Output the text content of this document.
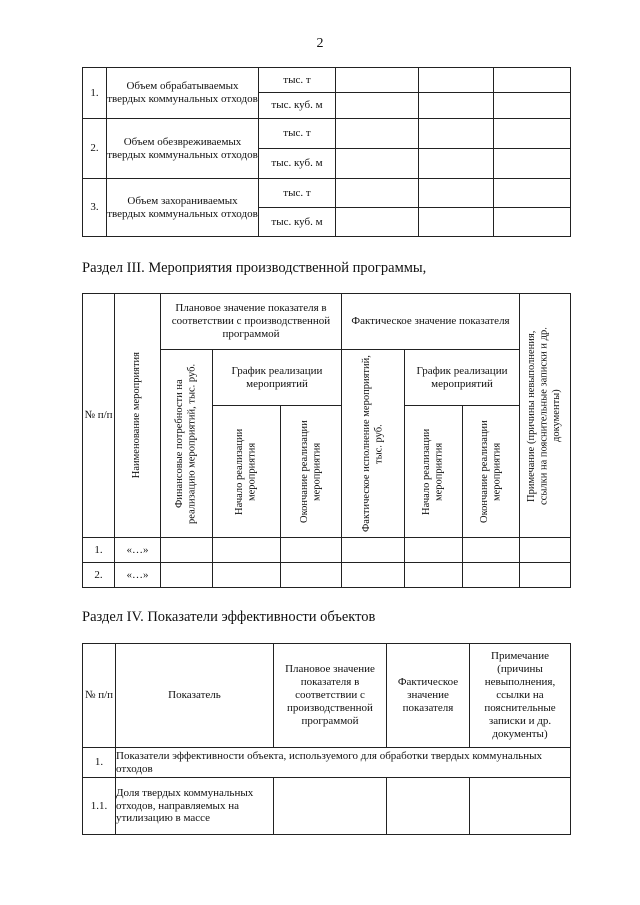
2
1.	Объем обрабатываемых твердых коммунальных отходов	тыс. т			
		тыс. куб. м			
2.	Объем обезвреживаемых твердых коммунальных отходов	тыс. т			
		тыс. куб. м			
3.	Объем захораниваемых твердых коммунальных отходов	тыс. т			
		тыс. куб. м			
Раздел III. Мероприятия производственной программы,
№ п/п	Наименование мероприятия	Плановое значение показателя в соответствии с производственной программой			Фактическое значение показателя			Примечание (причины невыполнения, ссылки на пояснительные записки и др. документы)

		Финансовые потребности на реализацию мероприятий, тыс. руб.	График реализации мероприятий		Фактическое исполнение мероприятий, тыс. руб.	График реализации мероприятий		

			Начало реализации мероприятия	Окончание реализации мероприятия		Начало реализации мероприятия	Окончание реализации мероприятия	

1.	«…»							
2.	«…»							
Раздел IV. Показатели эффективности объектов
№ п/п	Показатель	Плановое значение показателя в соответствии с производственной программой	Фактическое значение показателя	Примечание (причины невыполнения, ссылки на пояснительные записки и др. документы)
1.	Показатели эффективности объекта, используемого для обработки твердых коммунальных отходов			
1.1.	Доля твердых коммунальных отходов, направляемых на утилизацию в массе			
